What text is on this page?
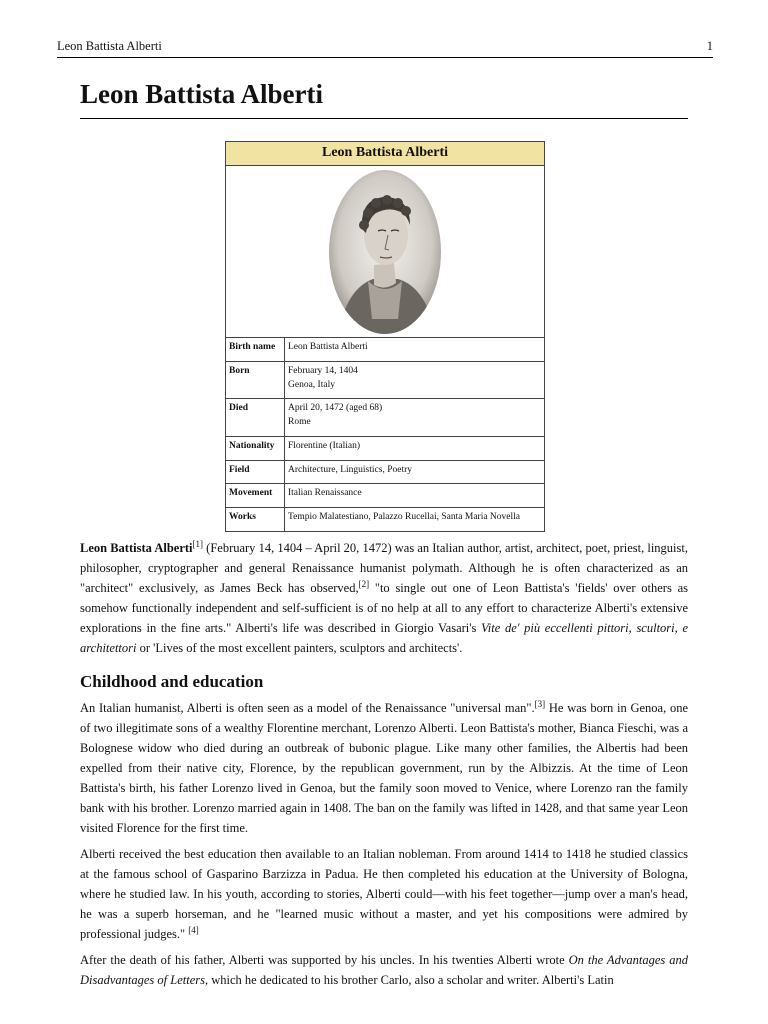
Leon Battista Alberti	1
Leon Battista Alberti
Leon Battista Alberti
Birth name	Leon Battista Alberti

Born	February 14, 1404
Genoa, Italy

Died	April 20, 1472 (aged 68)
Rome

Nationality	Florentine (Italian)

Field	Architecture, Linguistics, Poetry

Movement	Italian Renaissance

Works	Tempio Malatestiano, Palazzo Rucellai, Santa Maria Novella

Leon Battista Alberti[1] (February 14, 1404 – April 20, 1472) was an Italian author, artist, architect, poet, priest, linguist, philosopher, cryptographer and general Renaissance humanist polymath. Although he is often characterized as an "architect" exclusively, as James Beck has observed,[2] "to single out one of Leon Battista's 'fields' over others as somehow functionally independent and self-sufficient is of no help at all to any effort to characterize Alberti's extensive explorations in the fine arts." Alberti's life was described in Giorgio Vasari's Vite de' più eccellenti pittori, scultori, e architettori or 'Lives of the most excellent painters, sculptors and architects'.

Childhood and education

An Italian humanist, Alberti is often seen as a model of the Renaissance "universal man".[3] He was born in Genoa, one of two illegitimate sons of a wealthy Florentine merchant, Lorenzo Alberti. Leon Battista's mother, Bianca Fieschi, was a Bolognese widow who died during an outbreak of bubonic plague. Like many other families, the Albertis had been expelled from their native city, Florence, by the republican government, run by the Albizzis. At the time of Leon Battista's birth, his father Lorenzo lived in Genoa, but the family soon moved to Venice, where Lorenzo ran the family bank with his brother. Lorenzo married again in 1408. The ban on the family was lifted in 1428, and that same year Leon visited Florence for the first time.

Alberti received the best education then available to an Italian nobleman. From around 1414 to 1418 he studied classics at the famous school of Gasparino Barzizza in Padua. He then completed his education at the University of Bologna, where he studied law. In his youth, according to stories, Alberti could—with his feet together—jump over a man's head, he was a superb horseman, and he "learned music without a master, and yet his compositions were admired by professional judges." [4]

After the death of his father, Alberti was supported by his uncles. In his twenties Alberti wrote On the Advantages and Disadvantages of Letters, which he dedicated to his brother Carlo, also a scholar and writer. Alberti's Latin
